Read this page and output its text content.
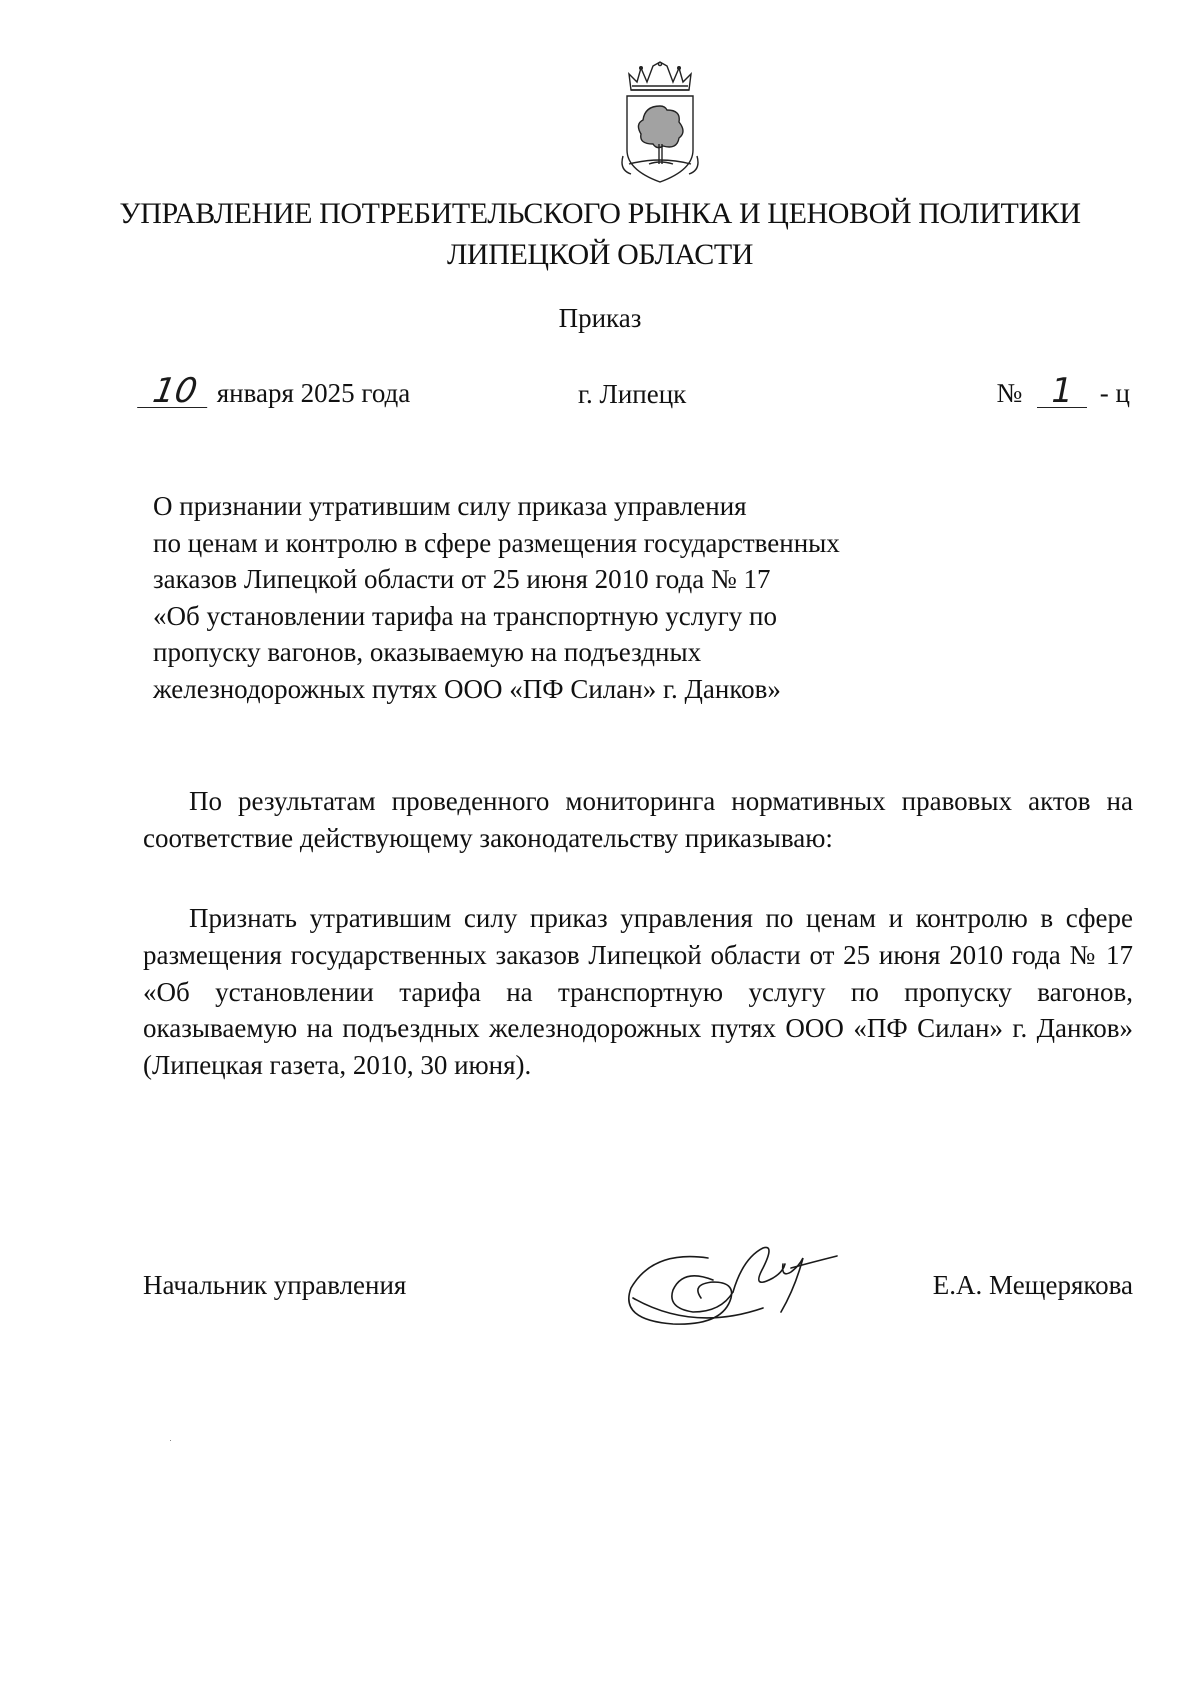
УПРАВЛЕНИЕ ПОТРЕБИТЕЛЬСКОГО РЫНКА И ЦЕНОВОЙ ПОЛИТИКИ
ЛИПЕЦКОЙ ОБЛАСТИ
Приказ
10 января 2025 года	г. Липецк	№ 1 - ц
О признании утратившим силу приказа управления
по ценам и контролю в сфере размещения государственных
заказов Липецкой области от 25 июня 2010 года № 17
«Об установлении тарифа на транспортную услугу по
пропуску вагонов, оказываемую на подъездных
железнодорожных путях ООО «ПФ Силан» г. Данков»
По результатам проведенного мониторинга нормативных правовых актов на соответствие действующему законодательству приказываю:
Признать утратившим силу приказ управления по ценам и контролю в сфере размещения государственных заказов Липецкой области от 25 июня 2010 года № 17 «Об установлении тарифа на транспортную услугу по пропуску вагонов, оказываемую на подъездных железнодорожных путях ООО «ПФ Силан» г. Данков» (Липецкая газета, 2010, 30 июня).
Начальник управления	Е.А. Мещерякова
